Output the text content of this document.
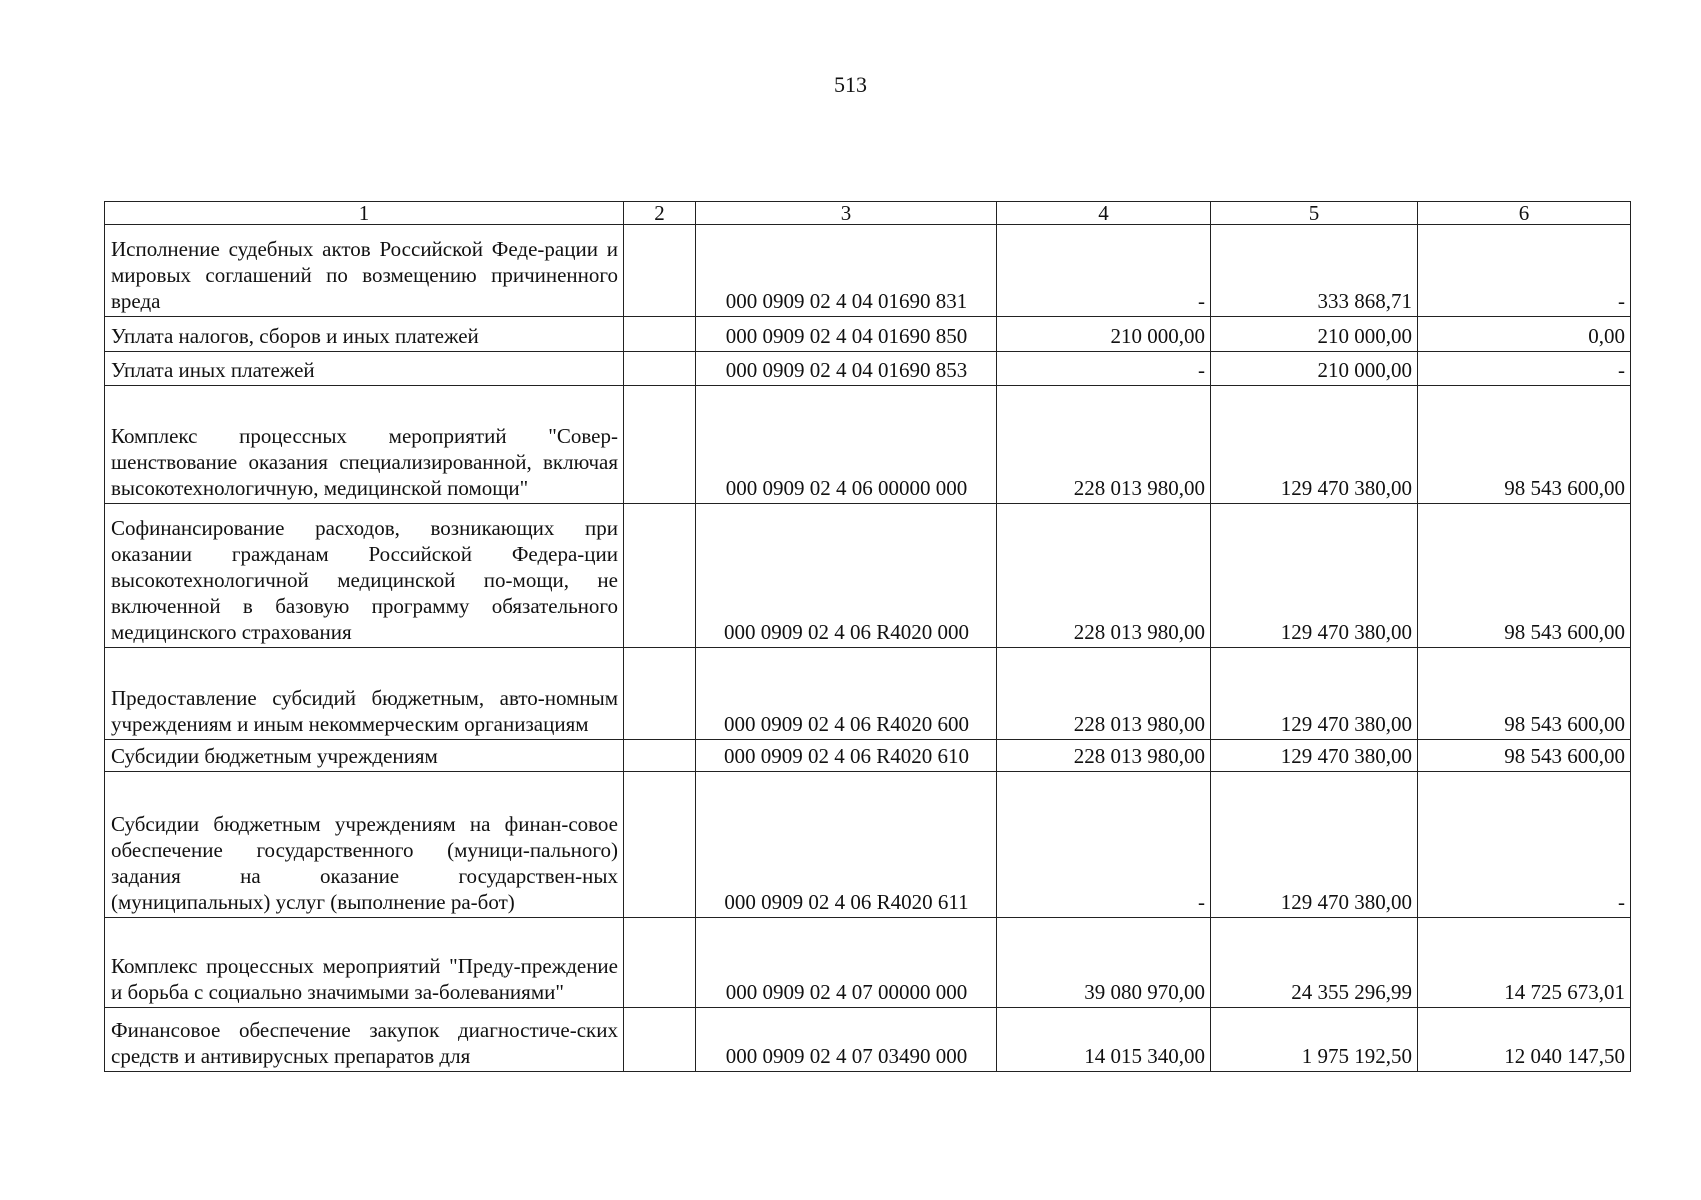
513
1	2	3	4	5	6
Исполнение судебных актов Российской Феде-рации и мировых соглашений по возмещению причиненного вреда		000 0909 02 4 04 01690 831	-	333 868,71	-
Уплата налогов, сборов и иных платежей		000 0909 02 4 04 01690 850	210 000,00	210 000,00	0,00
Уплата иных платежей		000 0909 02 4 04 01690 853	-	210 000,00	-
Комплекс процессных мероприятий "Совер-шенствование оказания специализированной, включая высокотехнологичную, медицинской помощи"		000 0909 02 4 06 00000 000	228 013 980,00	129 470 380,00	98 543 600,00
Софинансирование расходов, возникающих при оказании гражданам Российской Федера-ции высокотехнологичной медицинской по-мощи, не включенной в базовую программу обязательного медицинского страхования		000 0909 02 4 06 R4020 000	228 013 980,00	129 470 380,00	98 543 600,00
Предоставление субсидий бюджетным, авто-номным учреждениям и иным некоммерческим организациям		000 0909 02 4 06 R4020 600	228 013 980,00	129 470 380,00	98 543 600,00
Субсидии бюджетным учреждениям		000 0909 02 4 06 R4020 610	228 013 980,00	129 470 380,00	98 543 600,00
Субсидии бюджетным учреждениям на финан-совое обеспечение государственного (муници-пального) задания на оказание государствен-ных (муниципальных) услуг (выполнение ра-бот)		000 0909 02 4 06 R4020 611	-	129 470 380,00	-
Комплекс процессных мероприятий "Преду-преждение и борьба с социально значимыми за-болеваниями"		000 0909 02 4 07 00000 000	39 080 970,00	24 355 296,99	14 725 673,01
Финансовое обеспечение закупок диагностиче-ских средств и антивирусных препаратов для		000 0909 02 4 07 03490 000	14 015 340,00	1 975 192,50	12 040 147,50
